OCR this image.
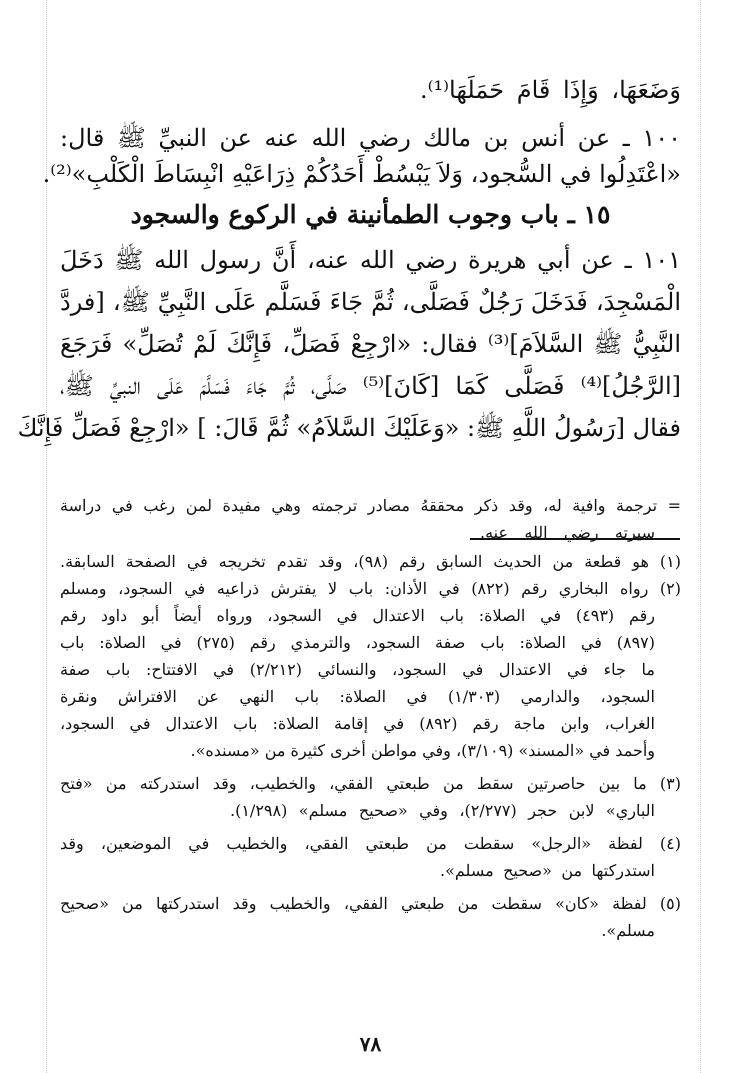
وَضَعَهَا، وَإِذَا قَامَ حَمَلَهَا⁽¹⁾.
١٠٠ ـ عن أنس بن مالك رضي الله عنه عن النبيِّ ﷺ قال:
«اعْتَدِلُوا في السُّجود، وَلاَ يَبْسُطْ أَحَدُكُمْ ذِرَاعَيْهِ انْبِسَاطَ الْكَلْبِ»⁽²⁾.
١٥ ـ باب وجوب الطمأنينة في الركوع والسجود
١٠١ ـ عن أبي هريرة رضي الله عنه، أَنَّ رسول الله ﷺ دَخَلَ
الْمَسْجِدَ، فَدَخَلَ رَجُلٌ فَصَلَّى، ثُمَّ جَاءَ فَسَلَّم عَلَى النَّبِيِّ ﷺ، [فردَّ
النَّبِيُّ ﷺ السَّلاَمَ]⁽³⁾ فقال: «ارْجِعْ فَصَلِّ، فَإِنَّكَ لَمْ تُصَلِّ» فَرَجَعَ
[الرَّجُلُ]⁽⁴⁾ فَصَلَّى كَمَا [كَانَ]⁽⁵⁾ صَلَّى، ثُمَّ جَاءَ فَسَلَّمَ عَلَى النبيِّ ﷺ،
فقال [رَسُولُ اللَّهِ ﷺ: «وَعَلَيْكَ السَّلاَمُ» ثُمَّ قَالَ: ] «ارْجِعْ فَصَلِّ فَإِنَّكَ
= ترجمة وافية له، وقد ذكر محققهُ مصادر ترجمته وهي مفيدة لمن رغب في دراسة
سيرته رضي الله عنه.
(١) هو قطعة من الحديث السابق رقم (٩٨)، وقد تقدم تخريجه في الصفحة السابقة.
(٢) رواه البخاري رقم (٨٢٢) في الأذان: باب لا يفترش ذراعيه في السجود، ومسلم
رقم (٤٩٣) في الصلاة: باب الاعتدال في السجود، ورواه أيضاً أبو داود رقم
(٨٩٧) في الصلاة: باب صفة السجود، والترمذي رقم (٢٧٥) في الصلاة: باب
ما جاء في الاعتدال في السجود، والنسائي (٢/٢١٢) في الافتتاح: باب صفة
السجود، والدارمي (١/٣٠٣) في الصلاة: باب النهي عن الافتراش ونقرة
الغراب، وابن ماجة رقم (٨٩٢) في إقامة الصلاة: باب الاعتدال في السجود،
وأحمد في «المسند» (٣/١٠٩)، وفي مواطن أخرى كثيرة من «مسنده».
(٣) ما بين حاصرتين سقط من طبعتي الفقي، والخطيب، وقد استدركته من «فتح
الباري» لابن حجر (٢/٢٧٧)، وفي «صحيح مسلم» (١/٢٩٨).
(٤) لفظة «الرجل» سقطت من طبعتي الفقي، والخطيب في الموضعين، وقد
استدركتها من «صحيح مسلم».
(٥) لفظة «كان» سقطت من طبعتي الفقي، والخطيب وقد استدركتها من «صحيح
مسلم».
٧٨
